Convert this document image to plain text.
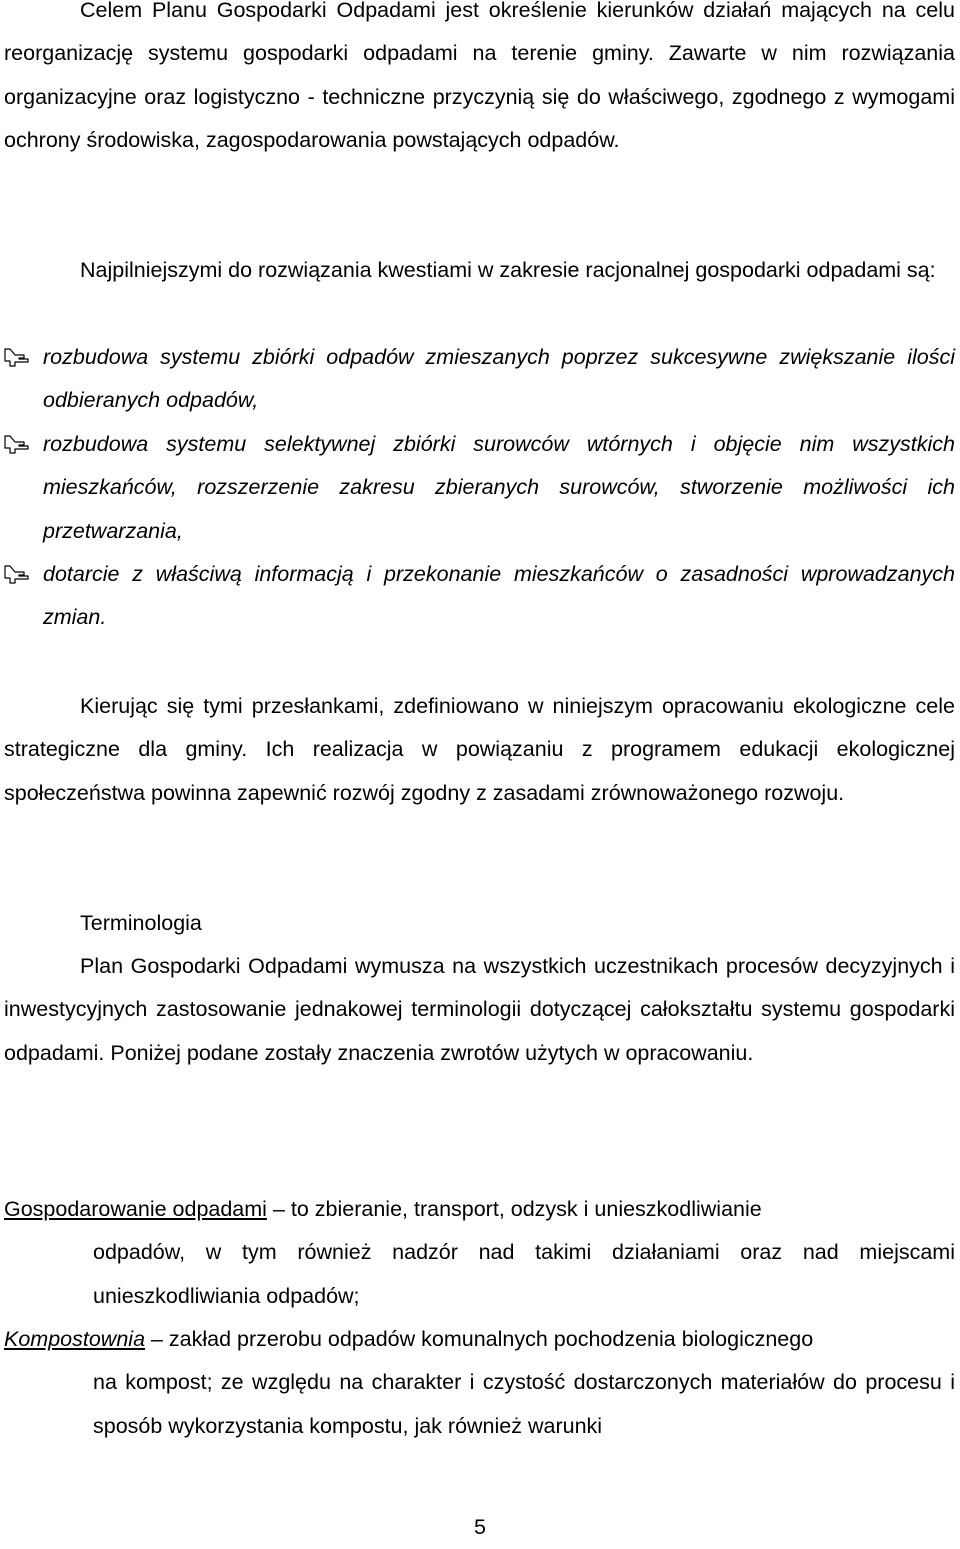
Celem Planu Gospodarki Odpadami jest określenie kierunków działań mających na celu reorganizację systemu gospodarki odpadami na terenie gminy. Zawarte w nim rozwiązania organizacyjne oraz logistyczno - techniczne przyczynią się do właściwego, zgodnego z wymogami ochrony środowiska, zagospodarowania powstających odpadów.

Najpilniejszymi do rozwiązania kwestiami w zakresie racjonalnej gospodarki odpadami są:

rozbudowa systemu zbiórki odpadów zmieszanych poprzez sukcesywne zwiększanie ilości odbieranych odpadów,
rozbudowa systemu selektywnej zbiórki surowców wtórnych i objęcie nim wszystkich mieszkańców, rozszerzenie zakresu zbieranych surowców, stworzenie możliwości ich przetwarzania,
dotarcie z właściwą informacją i przekonanie mieszkańców o zasadności wprowadzanych zmian.

Kierując się tymi przesłankami, zdefiniowano w niniejszym opracowaniu ekologiczne cele strategiczne dla gminy. Ich realizacja w powiązaniu z programem edukacji ekologicznej społeczeństwa powinna zapewnić rozwój zgodny z zasadami zrównoważonego rozwoju.

Terminologia

Plan Gospodarki Odpadami wymusza na wszystkich uczestnikach procesów decyzyjnych i inwestycyjnych zastosowanie jednakowej terminologii dotyczącej całokształtu systemu gospodarki odpadami. Poniżej podane zostały znaczenia zwrotów użytych w opracowaniu.

Gospodarowanie odpadami – to zbieranie, transport, odzysk i unieszkodliwianie
odpadów, w tym również nadzór nad takimi działaniami oraz nad miejscami unieszkodliwiania odpadów;
Kompostownia – zakład przerobu odpadów komunalnych pochodzenia biologicznego
na kompost; ze względu na charakter i czystość dostarczonych materiałów do procesu i sposób wykorzystania kompostu, jak również warunki
5
